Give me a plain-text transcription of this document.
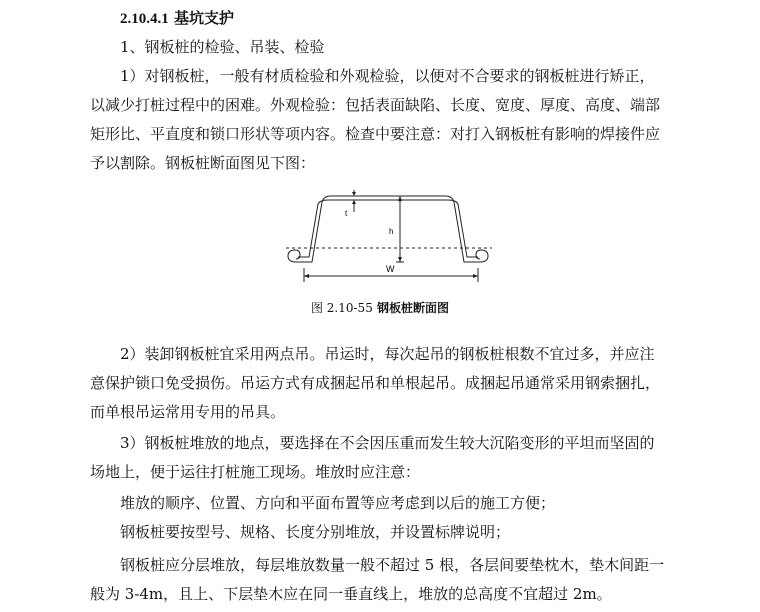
2.10.4.1 基坑支护
1、钢板桩的检验、吊装、检验
1）对钢板桩，一般有材质检验和外观检验，以便对不合要求的钢板桩进行矫正，
以减少打桩过程中的困难。外观检验：包括表面缺陷、长度、宽度、厚度、高度、端部
矩形比、平直度和锁口形状等项内容。检查中要注意：对打入钢板桩有影响的焊接件应
予以割除。钢板桩断面图见下图：
t
h
W
图 2.10-55 钢板桩断面图
2）装卸钢板桩宜采用两点吊。吊运时，每次起吊的钢板桩根数不宜过多，并应注
意保护锁口免受损伤。吊运方式有成捆起吊和单根起吊。成捆起吊通常采用钢索捆扎，
而单根吊运常用专用的吊具。
3）钢板桩堆放的地点，要选择在不会因压重而发生较大沉陷变形的平坦而坚固的
场地上，便于运往打桩施工现场。堆放时应注意：
堆放的顺序、位置、方向和平面布置等应考虑到以后的施工方便；
钢板桩要按型号、规格、长度分别堆放，并设置标牌说明；
钢板桩应分层堆放，每层堆放数量一般不超过 5 根，各层间要垫枕木，垫木间距一
般为 3-4m，且上、下层垫木应在同一垂直线上，堆放的总高度不宜超过 2m。
